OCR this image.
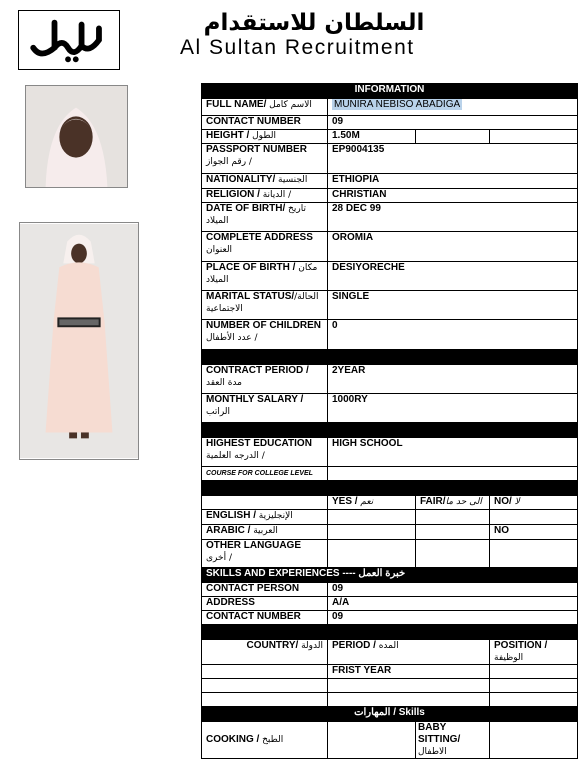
السلطان للاستقدام
Al Sultan Recruitment
INFORMATION			
FULL NAME/ الاسم كامل	MUNIRA NEBISO ABADIGA		
CONTACT NUMBER	09		
HEIGHT / الطول	1.50M		
PASSPORT NUMBER
رقم الجواز /	EP9004135		
NATIONALITY/ الجنسية	ETHIOPIA		
RELIGION / الديانة /	CHRISTIAN		
DATE OF BIRTH/ تاريخ الميلاد	28 DEC 99		
COMPLETE ADDRESS
العنوان	OROMIA		
PLACE OF BIRTH / مكان الميلاد	DESIYORECHE		
MARITAL STATUS/الحالة/ الاجتماعية	SINGLE		
NUMBER OF CHILDREN
عدد الأطفال /	0		

CONTRACT PERIOD /
مدة العقد	2YEAR		
MONTHLY SALARY /
الراتب	1000RY		

HIGHEST EDUCATION
الدرجه العلمية /	HIGH SCHOOL		
COURSE FOR COLLEGE LEVEL			

	YES / نعم	FAIR/الى حد ما	NO/ لا
ENGLISH / الإنجليزية			
ARABIC / العربية			NO
OTHER LANGUAGE
أخرى /			
SKILLS AND EXPERIENCES ---- خبرة العمل			
CONTACT PERSON	09		
ADDRESS	A/A		
CONTACT NUMBER	09		

COUNTRY/ الدولة	PERIOD / المده		POSITION / الوظيفة
	FRIST YEAR		

المهارات / Skills			
COOKING / الطبخ		BABY
SITTING/الاطفال	
